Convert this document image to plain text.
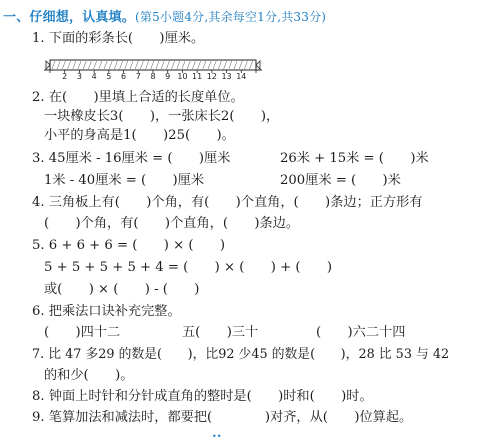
一、仔细想，认真填。(第5小题4分,其余每空1分,共33分)
1. 下面的彩条长(　　)厘米。
2 3 4 5 6 7 8 9 10 11 12 13 14
2. 在(　　)里填上合适的长度单位。
一块橡皮长3(　　)，一张床长2(　　)，
小平的身高是1(　　)25(　　)。
3. 45厘米 - 16厘米 = (　　)厘米	26米 + 15米 = (　　)米
1米 - 40厘米 = (　　)厘米	200厘米 = (　　)米
4. 三角板上有(　　)个角，有(　　)个直角，(　　)条边；正方形有
(　　)个角，有(　　)个直角，(　　)条边。
5. 6 + 6 + 6 = (　　) × (　　)
5 + 5 + 5 + 5 + 4 = (　　) × (　　) + (　　)
或(　　) × (　　) - (　　)
6. 把乘法口诀补充完整。
(　　)四十二	五(　　)三十	(　　)六二十四
7. 比 47 多29 的数是(　　)，比92 少45 的数是(　　)，28 比 53 与 42
的和少(　　)。
8. 钟面上时针和分针成直角的整时是(　　)时和(　　)时。
9. 笔算加法和减法时，都要把(　　　　)对齐，从(　　)位算起。
••
